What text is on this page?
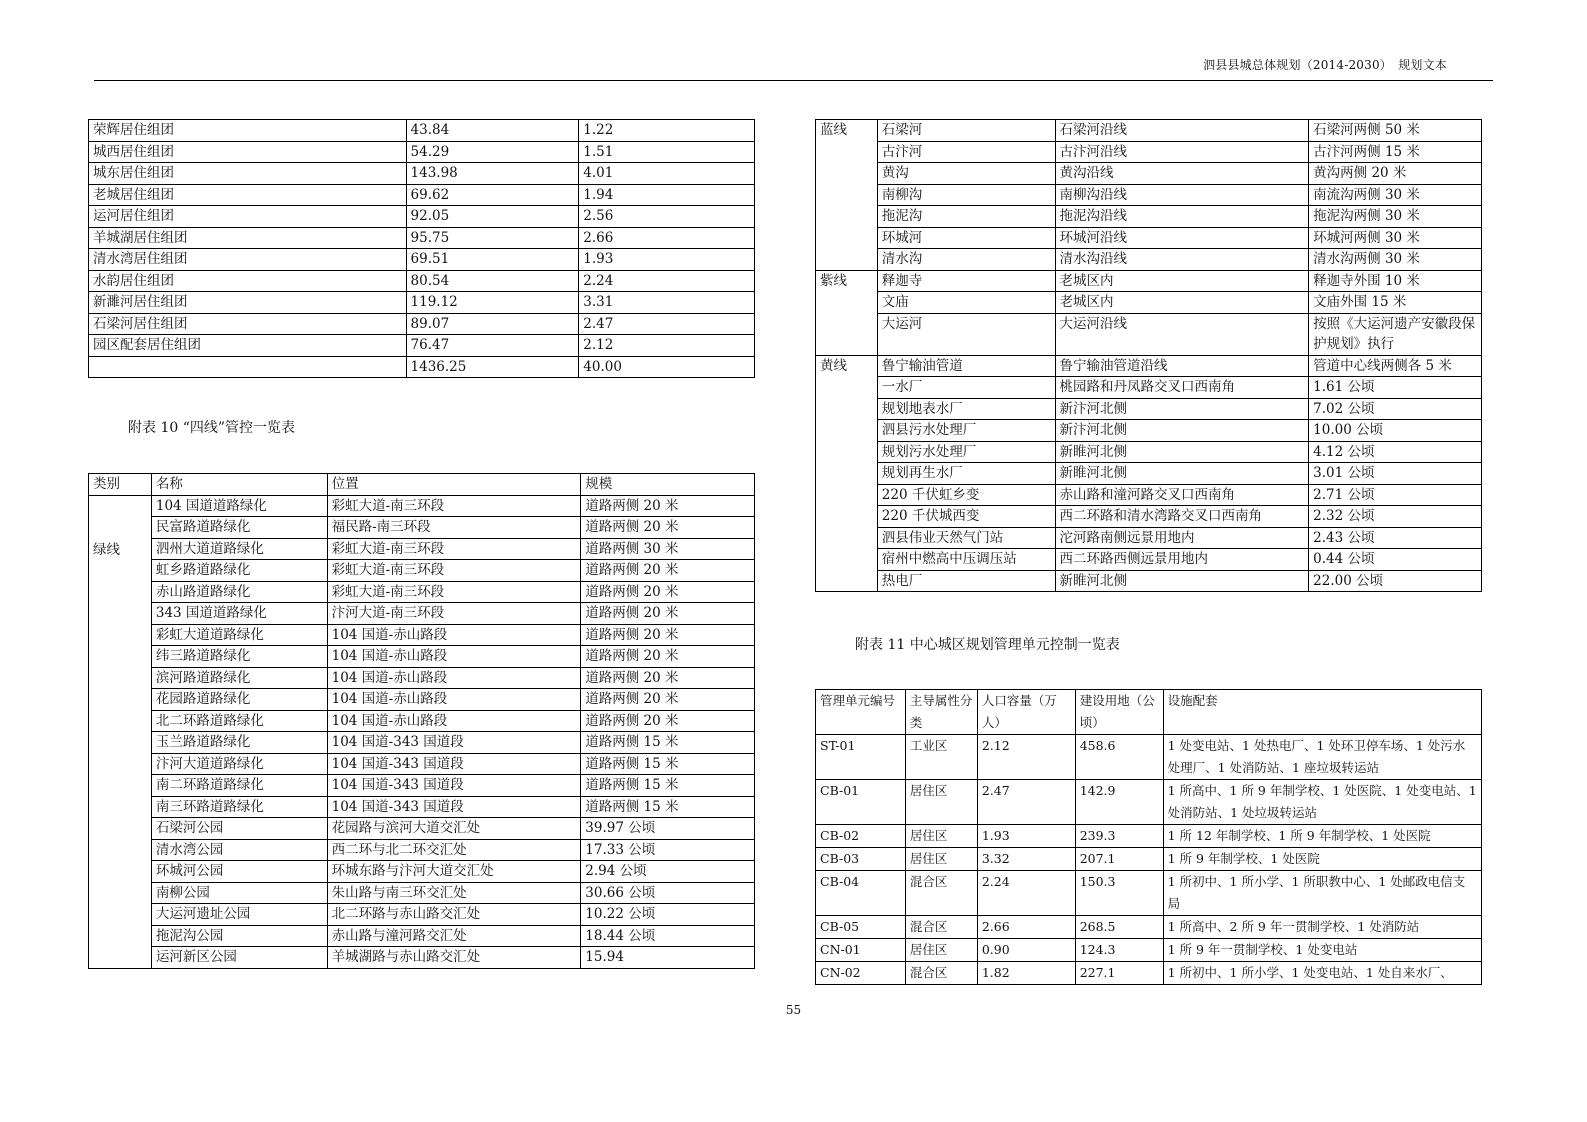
泗县县城总体规划（2014-2030）　规划文本
荣辉居住组团	43.84	1.22
城西居住组团	54.29	1.51
城东居住组团	143.98	4.01
老城居住组团	69.62	1.94
运河居住组团	92.05	2.56
羊城湖居住组团	95.75	2.66
清水湾居住组团	69.51	1.93
水韵居住组团	80.54	2.24
新濉河居住组团	119.12	3.31
石梁河居住组团	89.07	2.47
园区配套居住组团	76.47	2.12
	1436.25	40.00
附表 10 “四线”管控一览表
类别	名称	位置	规模
绿线	104 国道道路绿化	彩虹大道-南三环段	道路两侧 20 米
	民富路道路绿化	福民路-南三环段	道路两侧 20 米
	泗州大道道路绿化	彩虹大道-南三环段	道路两侧 30 米
	虹乡路道路绿化	彩虹大道-南三环段	道路两侧 20 米
	赤山路道路绿化	彩虹大道-南三环段	道路两侧 20 米
	343 国道道路绿化	汴河大道-南三环段	道路两侧 20 米
	彩虹大道道路绿化	104 国道-赤山路段	道路两侧 20 米
	纬三路道路绿化	104 国道-赤山路段	道路两侧 20 米
	滨河路道路绿化	104 国道-赤山路段	道路两侧 20 米
	花园路道路绿化	104 国道-赤山路段	道路两侧 20 米
	北二环路道路绿化	104 国道-赤山路段	道路两侧 20 米
	玉兰路道路绿化	104 国道-343 国道段	道路两侧 15 米
	汴河大道道路绿化	104 国道-343 国道段	道路两侧 15 米
	南二环路道路绿化	104 国道-343 国道段	道路两侧 15 米
	南三环路道路绿化	104 国道-343 国道段	道路两侧 15 米
	石梁河公园	花园路与滨河大道交汇处	39.97 公顷
	清水湾公园	西二环与北二环交汇处	17.33 公顷
	环城河公园	环城东路与汴河大道交汇处	2.94 公顷
	南柳公园	朱山路与南三环交汇处	30.66 公顷
	大运河遗址公园	北二环路与赤山路交汇处	10.22 公顷
	拖泥沟公园	赤山路与潼河路交汇处	18.44 公顷
	运河新区公园	羊城湖路与赤山路交汇处	15.94
蓝线	石梁河	石梁河沿线	石梁河两侧 50 米
	古汴河	古汴河沿线	古汴河两侧 15 米
	黄沟	黄沟沿线	黄沟两侧 20 米
	南柳沟	南柳沟沿线	南流沟两侧 30 米
	拖泥沟	拖泥沟沿线	拖泥沟两侧 30 米
	环城河	环城河沿线	环城河两侧 30 米
	清水沟	清水沟沿线	清水沟两侧 30 米
紫线	释迦寺	老城区内	释迦寺外围 10 米
	文庙	老城区内	文庙外围 15 米
	大运河	大运河沿线	按照《大运河遗产安徽段保护规划》执行
黄线	鲁宁输油管道	鲁宁输油管道沿线	管道中心线两侧各 5 米
	一水厂	桃园路和丹凤路交叉口西南角	1.61 公顷
	规划地表水厂	新汴河北侧	7.02 公顷
	泗县污水处理厂	新汴河北侧	10.00 公顷
	规划污水处理厂	新睢河北侧	4.12 公顷
	规划再生水厂	新睢河北侧	3.01 公顷
	220 千伏虹乡变	赤山路和潼河路交叉口西南角	2.71 公顷
	220 千伏城西变	西二环路和清水湾路交叉口西南角	2.32 公顷
	泗县伟业天然气门站	沱河路南侧远景用地内	2.43 公顷
	宿州中燃高中压调压站	西二环路西侧远景用地内	0.44 公顷
	热电厂	新睢河北侧	22.00 公顷
附表 11 中心城区规划管理单元控制一览表
管理单元编号	主导属性分类	人口容量（万人）	建设用地（公顷）	设施配套
ST-01	工业区	2.12	458.6	1 处变电站、1 处热电厂、1 处环卫停车场、1 处污水处理厂、1 处消防站、1 座垃圾转运站
CB-01	居住区	2.47	142.9	1 所高中、1 所 9 年制学校、1 处医院、1 处变电站、1 处消防站、1 处垃圾转运站
CB-02	居住区	1.93	239.3	1 所 12 年制学校、1 所 9 年制学校、1 处医院
CB-03	居住区	3.32	207.1	1 所 9 年制学校、1 处医院
CB-04	混合区	2.24	150.3	1 所初中、1 所小学、1 所职教中心、1 处邮政电信支局
CB-05	混合区	2.66	268.5	1 所高中、2 所 9 年一贯制学校、1 处消防站
CN-01	居住区	0.90	124.3	1 所 9 年一贯制学校、1 处变电站
CN-02	混合区	1.82	227.1	1 所初中、1 所小学、1 处变电站、1 处自来水厂、
55
